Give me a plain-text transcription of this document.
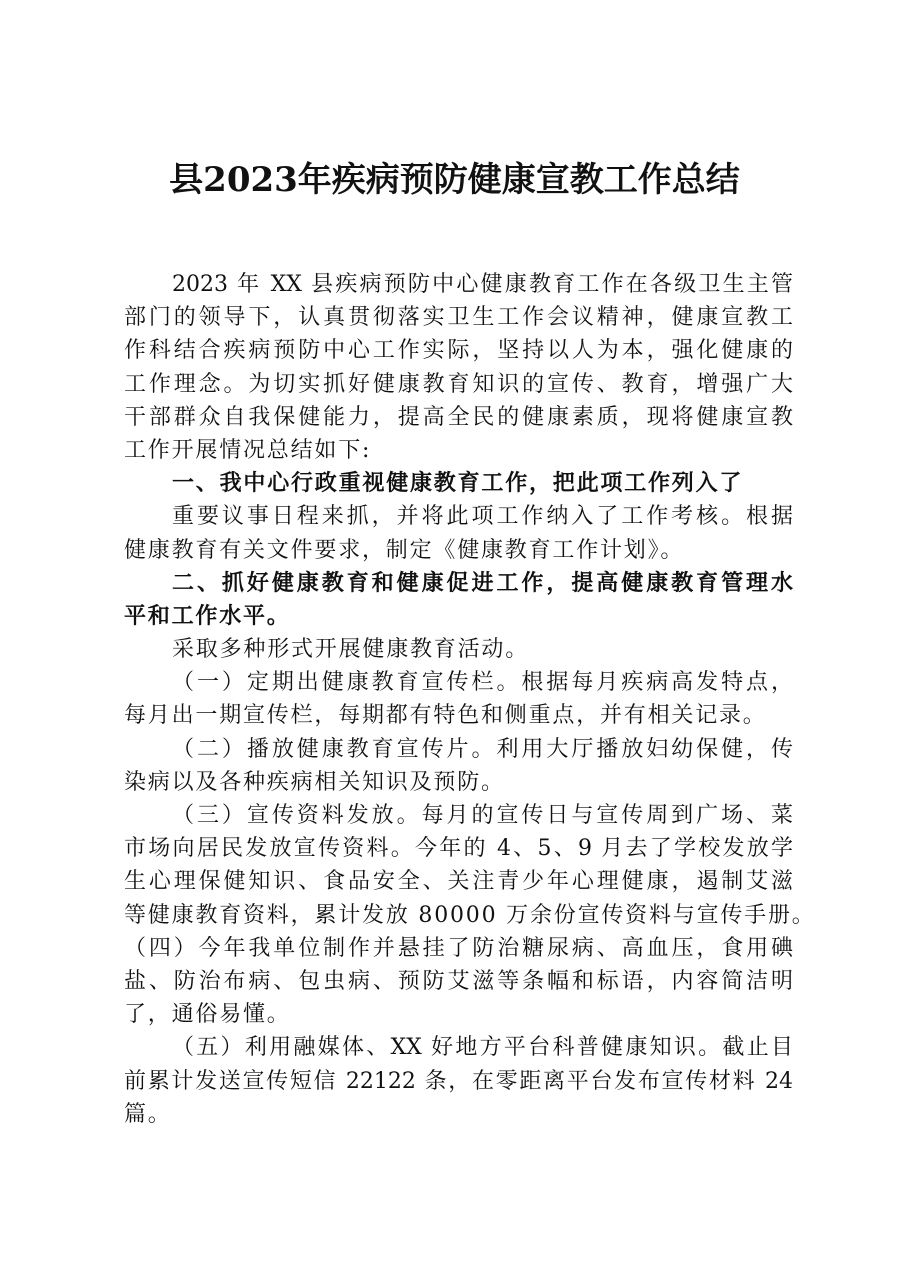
县2023年疾病预防健康宣教工作总结
2023 年 XX 县疾病预防中心健康教育工作在各级卫生主管
部门的领导下，认真贯彻落实卫生工作会议精神，健康宣教工
作科结合疾病预防中心工作实际，坚持以人为本，强化健康的
工作理念。为切实抓好健康教育知识的宣传、教育，增强广大
干部群众自我保健能力，提高全民的健康素质，现将健康宣教
工作开展情况总结如下:
一、我中心行政重视健康教育工作，把此项工作列入了
重要议事日程来抓，并将此项工作纳入了工作考核。根据
健康教育有关文件要求，制定《健康教育工作计划》。
二、抓好健康教育和健康促进工作，提高健康教育管理水
平和工作水平。
采取多种形式开展健康教育活动。
（一）定期出健康教育宣传栏。根据每月疾病高发特点，
每月出一期宣传栏，每期都有特色和侧重点，并有相关记录。
（二）播放健康教育宣传片。利用大厅播放妇幼保健，传
染病以及各种疾病相关知识及预防。
（三）宣传资料发放。每月的宣传日与宣传周到广场、菜
市场向居民发放宣传资料。今年的 4、5、9 月去了学校发放学
生心理保健知识、食品安全、关注青少年心理健康，遏制艾滋
等健康教育资料，累计发放 80000 万余份宣传资料与宣传手册。
（四）今年我单位制作并悬挂了防治糖尿病、高血压，食用碘
盐、防治布病、包虫病、预防艾滋等条幅和标语，内容简洁明
了，通俗易懂。
（五）利用融媒体、XX 好地方平台科普健康知识。截止目
前累计发送宣传短信 22122 条，在零距离平台发布宣传材料 24
篇。
